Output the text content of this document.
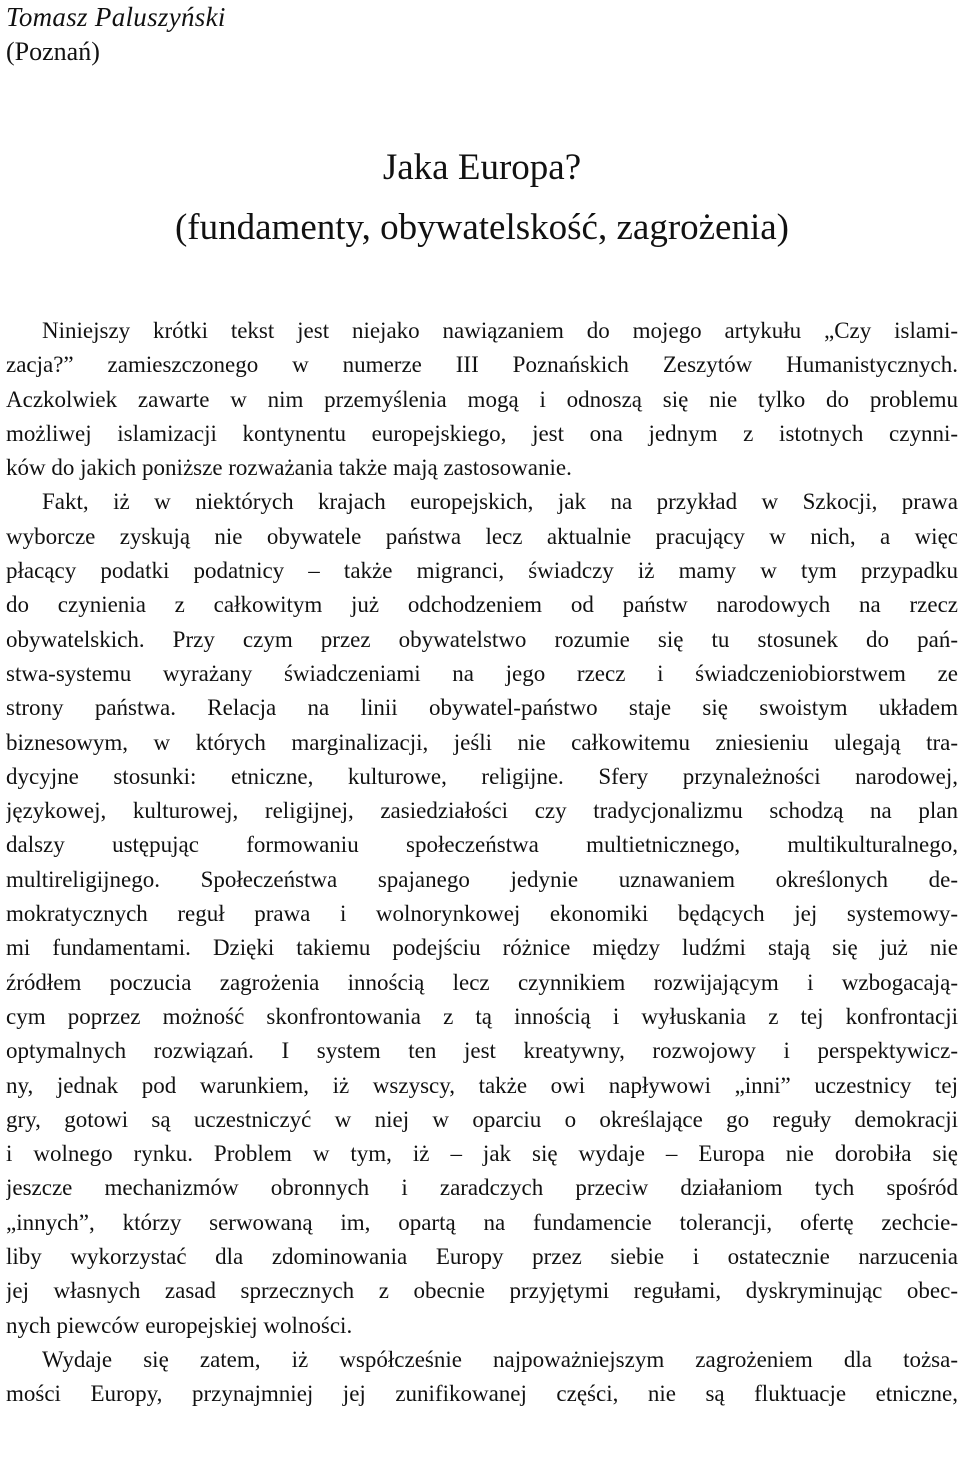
Tomasz Paluszyński

(Poznań)

Jaka Europa?
(fundamenty, obywatelskość, zagrożenia)
Niniejszy krótki tekst jest niejako nawiązaniem do mojego artykułu „Czy islami-
zacja?” zamieszczonego w numerze III Poznańskich Zeszytów Humanistycznych.
Aczkolwiek zawarte w nim przemyślenia mogą i odnoszą się nie tylko do problemu
możliwej islamizacji kontynentu europejskiego, jest ona jednym z istotnych czynni-
ków do jakich poniższe rozważania także mają zastosowanie.
Fakt, iż w niektórych krajach europejskich, jak na przykład w Szkocji, prawa
wyborcze zyskują nie obywatele państwa lecz aktualnie pracujący w nich, a więc
płacący podatki podatnicy – także migranci, świadczy iż mamy w tym przypadku
do czynienia z całkowitym już odchodzeniem od państw narodowych na rzecz
obywatelskich. Przy czym przez obywatelstwo rozumie się tu stosunek do pań-
stwa-systemu wyrażany świadczeniami na jego rzecz i świadczeniobiorstwem ze
strony państwa. Relacja na linii obywatel-państwo staje się swoistym układem
biznesowym, w których marginalizacji, jeśli nie całkowitemu zniesieniu ulegają tra-
dycyjne stosunki: etniczne, kulturowe, religijne. Sfery przynależności narodowej,
językowej, kulturowej, religijnej, zasiedziałości czy tradycjonalizmu schodzą na plan
dalszy ustępując formowaniu społeczeństwa multietnicznego, multikulturalnego,
multireligijnego. Społeczeństwa spajanego jedynie uznawaniem określonych de-
mokratycznych reguł prawa i wolnorynkowej ekonomiki będących jej systemowy-
mi fundamentami. Dzięki takiemu podejściu różnice między ludźmi stają się już nie
źródłem poczucia zagrożenia innością lecz czynnikiem rozwijającym i wzbogacają-
cym poprzez możność skonfrontowania z tą innością i wyłuskania z tej konfrontacji
optymalnych rozwiązań. I system ten jest kreatywny, rozwojowy i perspektywicz-
ny, jednak pod warunkiem, iż wszyscy, także owi napływowi „inni” uczestnicy tej
gry, gotowi są uczestniczyć w niej w oparciu o określające go reguły demokracji
i wolnego rynku. Problem w tym, iż – jak się wydaje – Europa nie dorobiła się
jeszcze mechanizmów obronnych i zaradczych przeciw działaniom tych spośród
„innych”, którzy serwowaną im, opartą na fundamencie tolerancji, ofertę zechcie-
liby wykorzystać dla zdominowania Europy przez siebie i ostatecznie narzucenia
jej własnych zasad sprzecznych z obecnie przyjętymi regułami, dyskryminując obec-
nych piewców europejskiej wolności.
Wydaje się zatem, iż współcześnie najpoważniejszym zagrożeniem dla tożsa-
mości Europy, przynajmniej jej zunifikowanej części, nie są fluktuacje etniczne,
